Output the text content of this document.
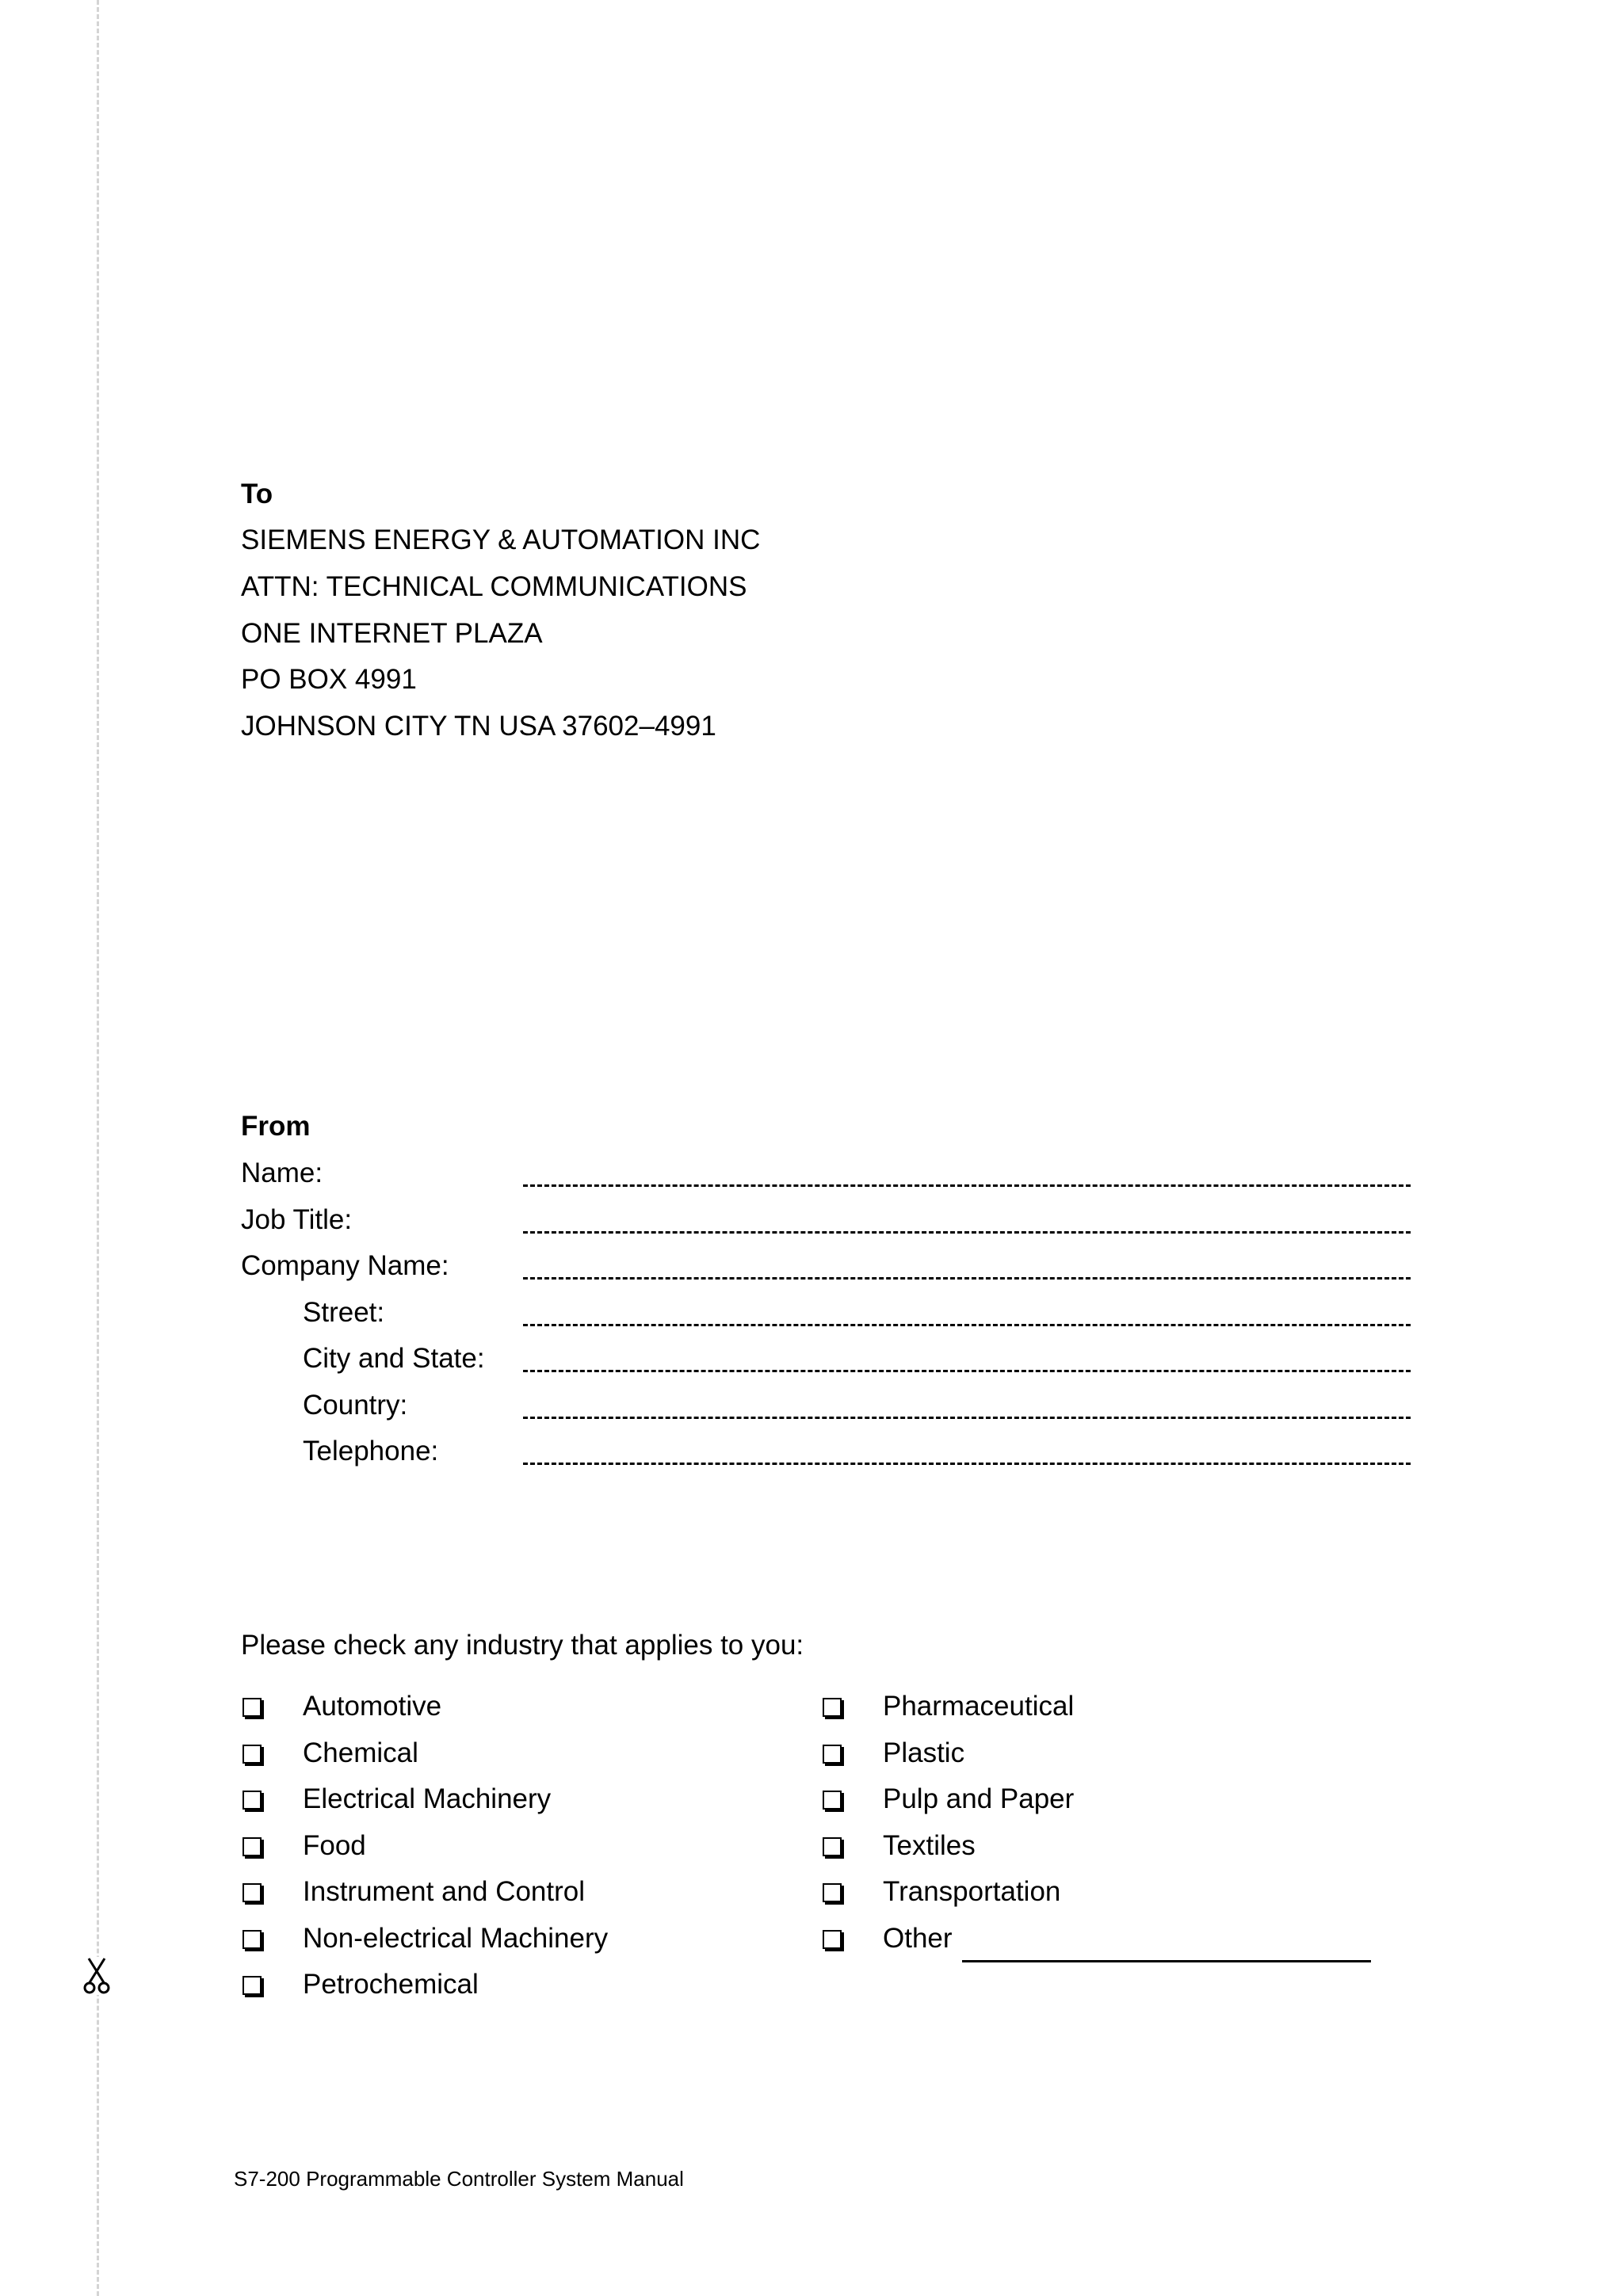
To
SIEMENS ENERGY & AUTOMATION INC
ATTN: TECHNICAL COMMUNICATIONS
ONE INTERNET PLAZA
PO BOX 4991
JOHNSON CITY TN USA 37602–4991
From
Name:
Job Title:
Company Name:
Street:
City and State:
Country:
Telephone:
Please check any industry that applies to you:
Automotive
Chemical
Electrical Machinery
Food
Instrument and Control
Non-electrical Machinery
Petrochemical
Pharmaceutical
Plastic
Pulp and Paper
Textiles
Transportation
Other
S7-200 Programmable Controller System Manual
